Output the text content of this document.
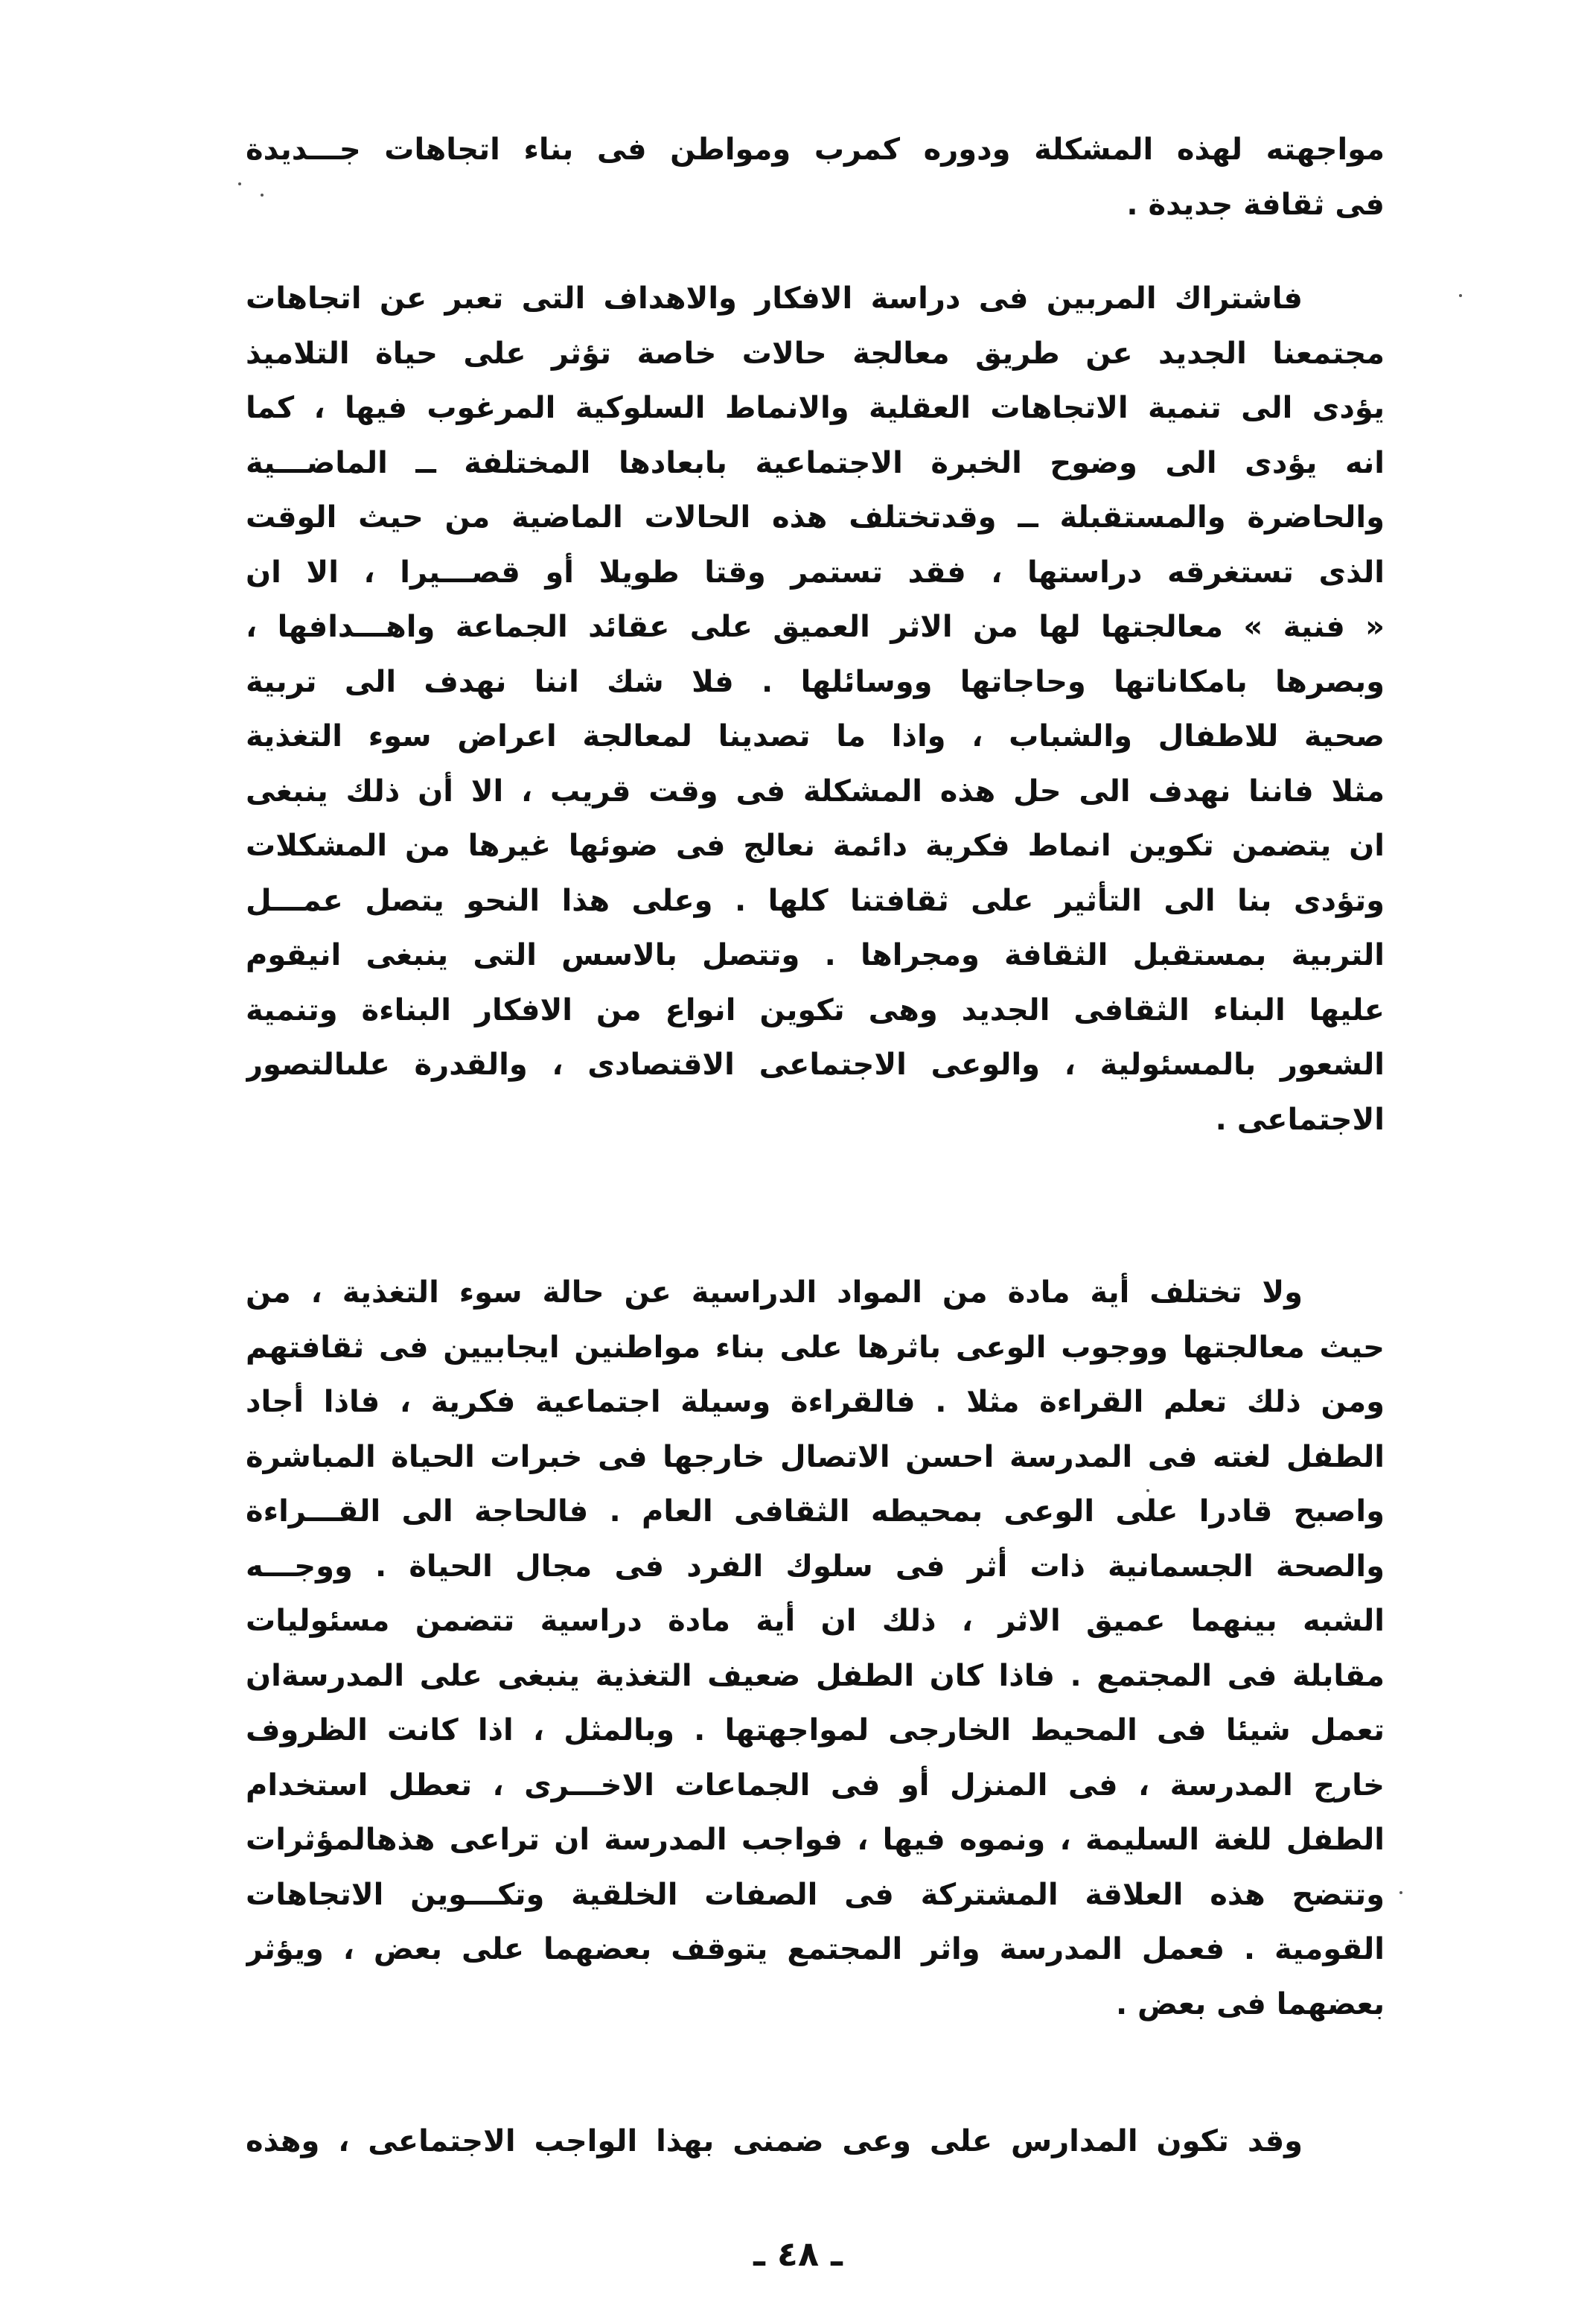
مواجهته لهذه المشكلة ودوره كمرب ومواطن فى بناء اتجاهات جـــديدة
فى ثقافة جديدة .
فاشتراك المربين فى دراسة الافكار والاهداف التى تعبر عن اتجاهات
مجتمعنا الجديد عن طريق معالجة حالات خاصة تؤثر على حياة التلاميذ
يؤدى الى تنمية الاتجاهات العقلية والانماط السلوكية المرغوب فيها ، كما
انه يؤدى الى وضوح الخبرة الاجتماعية بابعادها المختلفة ــ الماضـــية
والحاضرة والمستقبلة ــ وقدتختلف هذه الحالات الماضية من حيث الوقت
الذى تستغرقه دراستها ، فقد تستمر وقتا طويلا أو قصـــيرا ، الا ان
« فنية » معالجتها لها من الاثر العميق على عقائد الجماعة واهـــدافها ،
وبصرها بامكاناتها وحاجاتها ووسائلها . فلا شك اننا نهدف الى تربية
صحية للاطفال والشباب ، واذا ما تصدينا لمعالجة اعراض سوء التغذية
مثلا فاننا نهدف الى حل هذه المشكلة فى وقت قريب ، الا أن ذلك ينبغى
ان يتضمن تكوين انماط فكرية دائمة نعالج فى ضوئها غيرها من المشكلات
وتؤدى بنا الى التأثير على ثقافتنا كلها . وعلى هذا النحو يتصل عمـــل
التربية بمستقبل الثقافة ومجراها . وتتصل بالاسس التى ينبغى انيقوم
عليها البناء الثقافى الجديد وهى تكوين انواع من الافكار البناءة وتنمية
الشعور بالمسئولية ، والوعى الاجتماعى الاقتصادى ، والقدرة علىالتصور
الاجتماعى .
ولا تختلف أية مادة من المواد الدراسية عن حالة سوء التغذية ، من
حيث معالجتها ووجوب الوعى باثرها على بناء مواطنين ايجابيين فى ثقافتهم
ومن ذلك تعلم القراءة مثلا . فالقراءة وسيلة اجتماعية فكرية ، فاذا أجاد
الطفل لغته فى المدرسة احسن الاتصال خارجها فى خبرات الحياة المباشرة
واصبح قادرا على الوعى بمحيطه الثقافى العام . فالحاجة الى القـــراءة
والصحة الجسمانية ذات أثر فى سلوك الفرد فى مجال الحياة . ووجـــه
الشبه بينهما عميق الاثر ، ذلك ان أية مادة دراسية تتضمن مسئوليات
مقابلة فى المجتمع . فاذا كان الطفل ضعيف التغذية ينبغى على المدرسةان
تعمل شيئا فى المحيط الخارجى لمواجهتها . وبالمثل ، اذا كانت الظروف
خارج المدرسة ، فى المنزل أو فى الجماعات الاخـــرى ، تعطل استخدام
الطفل للغة السليمة ، ونموه فيها ، فواجب المدرسة ان تراعى هذهالمؤثرات
وتتضح هذه العلاقة المشتركة فى الصفات الخلقية وتكـــوين الاتجاهات
القومية . فعمل المدرسة واثر المجتمع يتوقف بعضهما على بعض ، ويؤثر
بعضهما فى بعض .
وقد تكون المدارس على وعى ضمنى بهذا الواجب الاجتماعى ، وهذه
ـ ٤٨ ـ
